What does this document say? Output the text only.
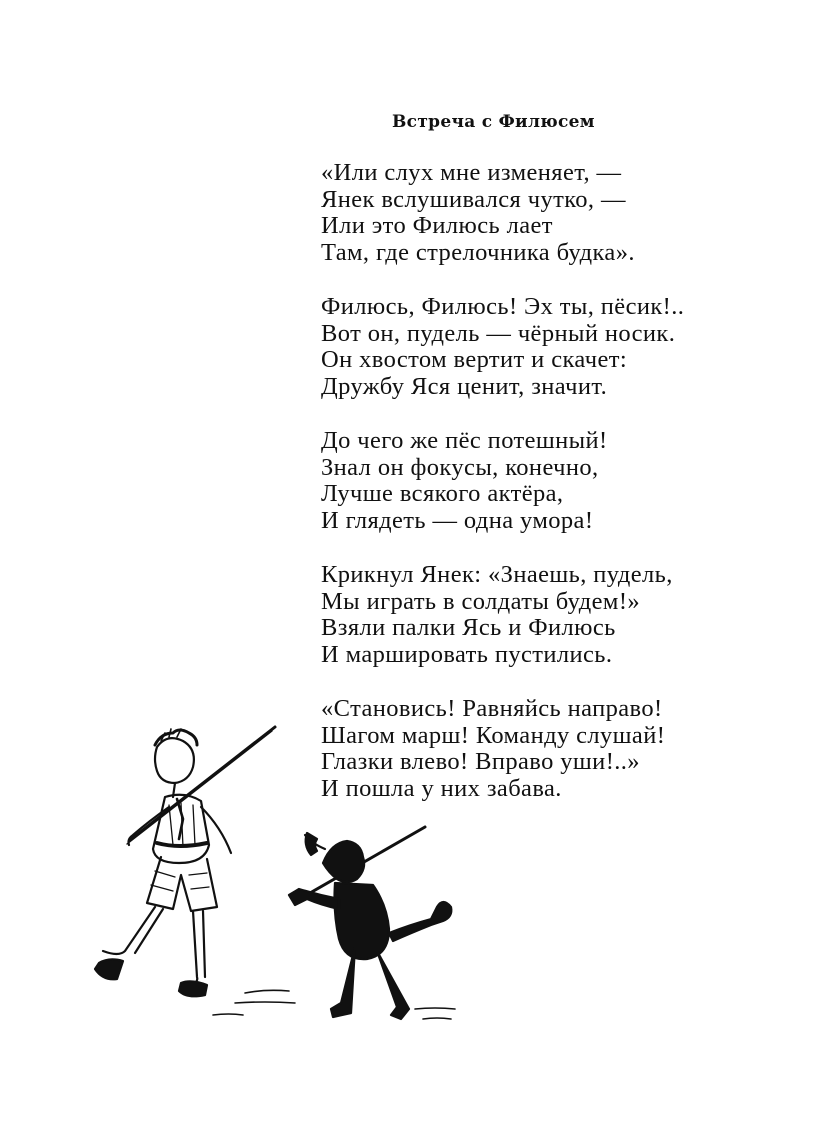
Встреча с Филюсем
«Или слух мне изменяет, —
Янек вслушивался чутко, —
Или это Филюсь лает
Там, где стрелочника будка».
Филюсь, Филюсь! Эх ты, пёсик!..
Вот он, пудель — чёрный носик.
Он хвостом вертит и скачет:
Дружбу Яся ценит, значит.
До чего же пёс потешный!
Знал он фокусы, конечно,
Лучше всякого актёра,
И глядеть — одна умора!
Крикнул Янек: «Знаешь, пудель,
Мы играть в солдаты будем!»
Взяли палки Ясь и Филюсь
И маршировать пустились.
«Становись! Равняйсь направо!
Шагом марш! Команду слушай!
Глазки влево! Вправо уши!..»
И пошла у них забава.
